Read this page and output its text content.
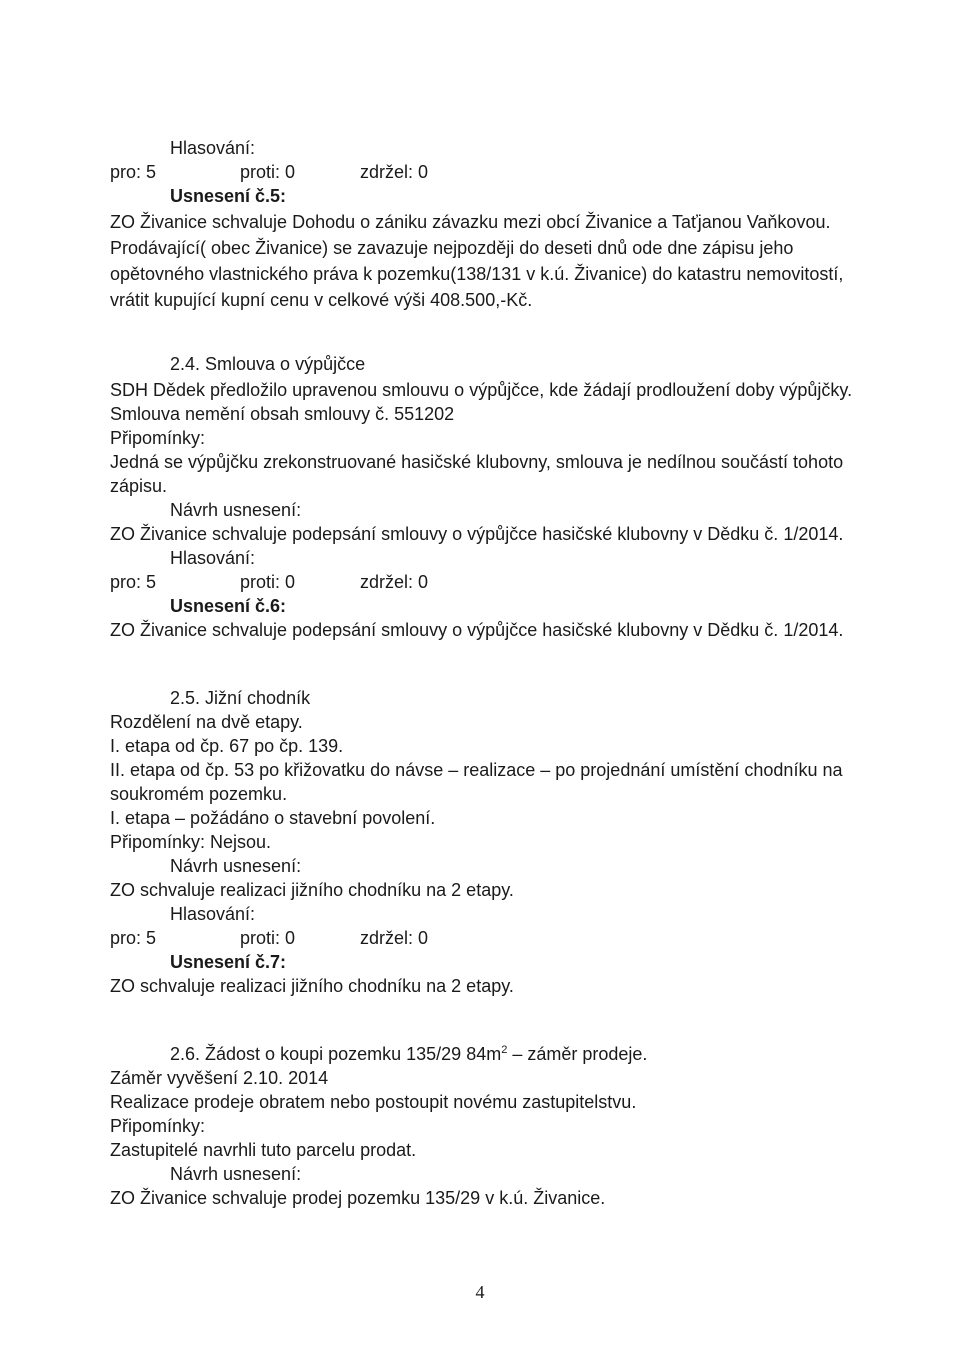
Hlasování:
pro: 5	proti: 0	zdržel: 0
Usnesení č.5:
ZO Živanice schvaluje Dohodu o zániku závazku mezi obcí Živanice a Taťjanou Vaňkovou.
Prodávající( obec Živanice) se zavazuje nejpozději do deseti dnů ode dne zápisu jeho
opětovného vlastnického práva k pozemku(138/131 v k.ú. Živanice) do katastru nemovitostí,
vrátit kupující kupní cenu v celkové výši 408.500,-Kč.
2.4. Smlouva o výpůjčce
SDH Dědek předložilo upravenou smlouvu o výpůjčce, kde žádají prodloužení doby výpůjčky.
Smlouva nemění obsah smlouvy č. 551202
Připomínky:
Jedná se výpůjčku zrekonstruované hasičské klubovny, smlouva je nedílnou součástí tohoto
zápisu.
Návrh usnesení:
ZO Živanice schvaluje podepsání smlouvy o výpůjčce hasičské klubovny v Dědku č. 1/2014.
Hlasování:
pro: 5	proti: 0	zdržel: 0
Usnesení č.6:
ZO Živanice schvaluje podepsání smlouvy o výpůjčce hasičské klubovny v Dědku č. 1/2014.
2.5. Jižní chodník
Rozdělení na dvě etapy.
I. etapa od čp. 67 po čp. 139.
II. etapa od čp. 53 po křižovatku do návse – realizace – po projednání umístění chodníku na
soukromém pozemku.
I. etapa – požádáno o stavební povolení.
Připomínky: Nejsou.
Návrh usnesení:
ZO schvaluje realizaci jižního chodníku na 2 etapy.
Hlasování:
pro: 5	proti: 0	zdržel: 0
Usnesení č.7:
ZO schvaluje realizaci jižního chodníku na 2 etapy.
2.6. Žádost o koupi pozemku 135/29 $84m^2$ – záměr prodeje.
Záměr vyvěšení 2.10. 2014
Realizace prodeje obratem nebo postoupit novému zastupitelstvu.
Připomínky:
Zastupitelé navrhli tuto parcelu prodat.
Návrh usnesení:
ZO Živanice schvaluje prodej pozemku 135/29 v k.ú. Živanice.
4
